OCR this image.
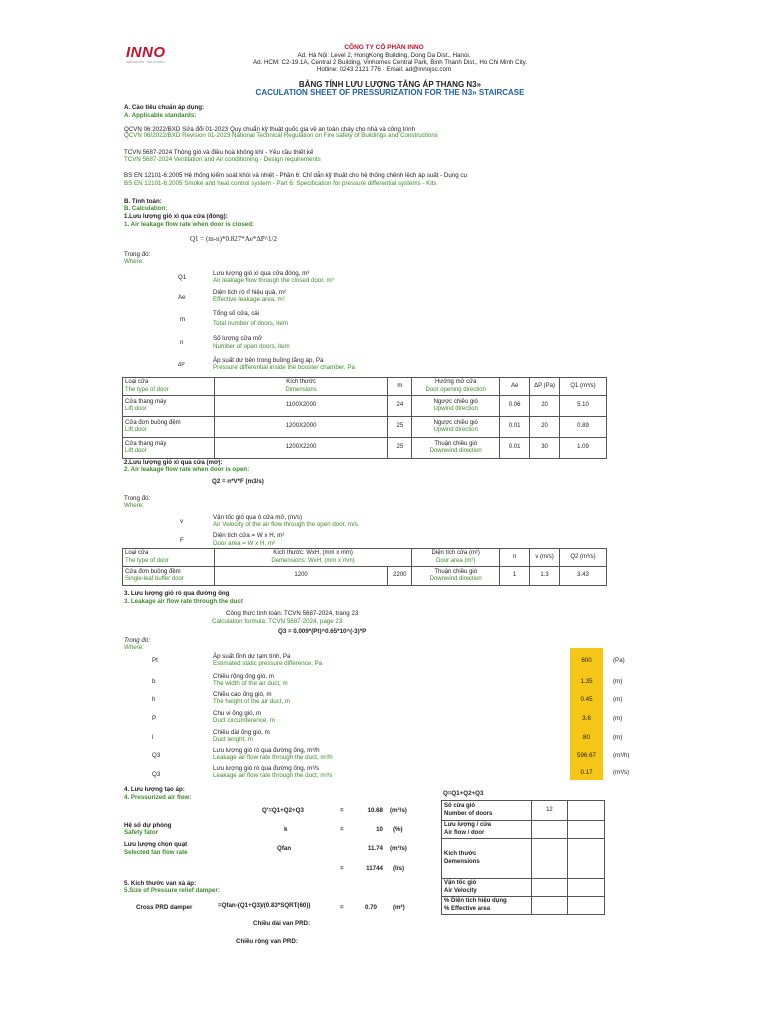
INNO
INNOVATION · SOLUTIONS
CÔNG TY CỔ PHẦN INNO
Ad. Hà Nội: Level 2, HongKong Building, Dong Da Dist., Hanoi.
Ad. HCM: C2-19.1A, Central 2 Building, Vinhomes Central Park, Binh Thanh Dist., Ho Chi Minh City.
Hotline: 0243 2121 776 · Email: ad@innojsc.com
BẢNG TÍNH LƯU LƯỢNG TĂNG ÁP THANG N3»
CACULATION SHEET OF PRESSURIZATION FOR THE N3» STAIRCASE
A. Cào tiêu chuẩn áp dụng:
A. Applicable standards:
QCVN 06:2022/BXD Sửa đổi 01-2023 Quy chuẩn kỹ thuật quốc gia về an toàn cháy cho nhà và công trình
QCVN 06/2022/BXD Revision 01-2023 National Technical Regulation on Fire safety of Buildings and Constructions
TCVN 5687-2024 Thông gió và điều hoà không khí - Yêu cầu thiết kế
TCVN 5687-2024 Ventilation and Air conditioning - Design requirements
BS EN 12101-6:2005 Hệ thống kiểm soát khói và nhiệt - Phần 6: Chỉ dẫn kỹ thuật cho hệ thống chênh lệch áp suất - Dụng cụ
BS EN 12101-6:2005 Smoke and heat control system - Part 6: Specification for pressure differential systems - Kits
B. Tính toán:
B. Calculation:
1.Lưu lượng gió xì qua cửa (đóng):
1. Air leakage flow rate when door is closed:
Q1 = (m-n)*0.827*Ae*ΔP^1/2
Trong đó:
Where:
Q1
Lưu lượng gió xì qua cửa đóng, m³
Air leakage flow through the closed door, m³
Ae
Diện tích rò rỉ hiệu quả, m²
Effective leakage area, m²
m
Tổng số cửa, cái
Total number of doors, item
n
Số lượng cửa mở
Number of open doors, item
ΔP
Áp suất dư bên trong buồng tăng áp, Pa
Pressure differential inside the booster chamber, Pa
Loại cửa
The type of door	Kích thước
Dimensions	m	Hướng mở cửa
Door opening direction	Ae	ΔP (Pa)	Q1 (m³/s)

Cửa thang máy
Lift door	1100X2000	24	Ngược chiều gió
Upwind direction	0.06	20	5.10

Cửa đơn buồng đệm
Lift door	1200X2000	25	Ngược chiều gió
Upwind direction	0.01	20	0.89

Cửa thang máy
Lift door	1200X2200	25	Thuận chiều gió
Downwind direction	0.01	30	1.09
2.Lưu lượng gió xì qua cửa (mở):
2. Air leakage flow rate when door is open:
Q2 = n*V*F (m3/s)
Trong đó:
Where:
v
Vận tốc gió qua ô cửa mở, (m/s)
Air Velocity of the air flow through the open door, m/s
F
Diện tích cửa = W x H, m²
Door area = W x H, m²
Loại cửa
The type of door	Kích thước: WxH, (mm x mm)
Demensions: WxH, (mm x mm)		Diện tích cửa (m²)
Door area (m²)	n	v (m/s)	Q2 (m³/s)

Cửa đơn buồng đệm
Single-leaf buffer door	1200	2200	Thuận chiều gió
Downwind direction	1	1.3	3.43
3. Lưu lượng gió rò qua đường ống
3. Leakage air flow rate through the duct
Công thức tính toán: TCVN 5687-2024, trang 23
Calculation formula: TCVN 5687-2024, page 23
Q3 = 0.009*(Pt)^0.65*10^(-3)*P
Trong đó:
Where:
Pt
Áp suất tĩnh dư tạm tính, Pa
Estimated static pressure difference, Pa	600	(Pa)
b
Chiều rộng ống gió, m
The width of the air duct, m	1.35	(m)
h
Chiều cao ống gió, m
The height of the air duct, m	0.45	(m)
P
Chu vi ống gió, m
Duct circumference, m	3.6	(m)
l
Chiều dài ống gió, m
Duct lenght, m	80	(m)
Q3
Lưu lượng gió rò qua đường ống, m³/h
Leakage air flow rate through the duct, m³/h	596.67	(m³/h)
Q3
Lưu lượng gió rò qua đường ống, m³/s
Leakage air flow rate through the duct, m³/s	0.17	(m³/s)
4. Lưu lượng tạo áp:
4. Pressurized air flow:
Q'=Q1+Q2+Q3	=	10.68 (m³/s)
Hệ số dự phòng
Safety fator	k	=	10 (%)
Lưu lượng chọn quạt
Selected fan flow rate
Qfan	11.74 (m³/s)
=	11744 (l/s)
Q=Q1+Q2+Q3
Số cửa gió
Number of doors	12	

Lưu lượng / cửa
Air flow / door		

Kích thước
Demensions		

Vận tốc gió
Air Velocity		

% Diện tích hiệu dụng
% Effective area		

5. Kích thước van xả áp:
5.Size of Pressure relief damper:
Cross PRD damper	=Qfan-(Q1+Q3)/(0.83*SQRT(60))	=	0.70	(m²)
Chiều dài van PRD:
Chiều rộng van PRD:
